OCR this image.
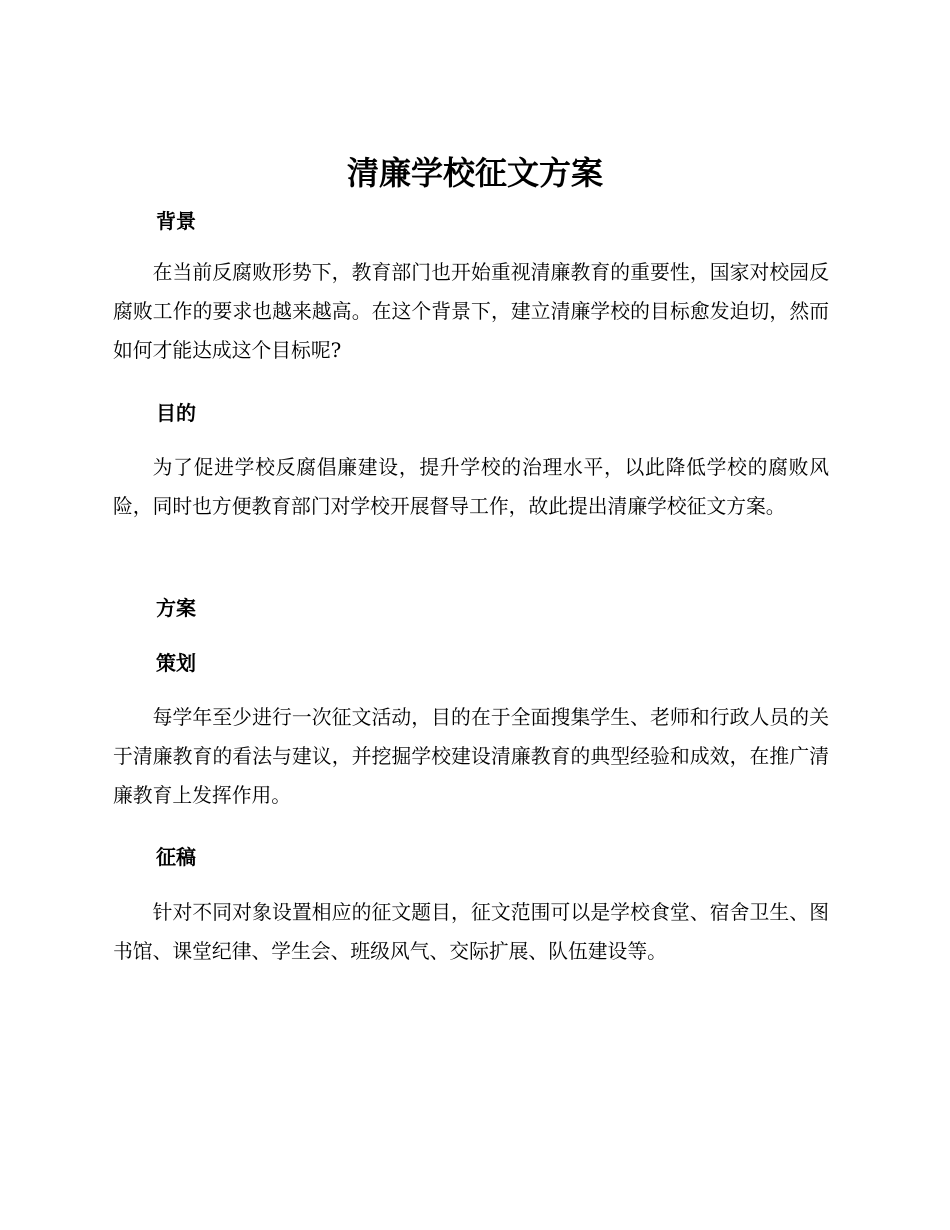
清廉学校征文方案
背景

在当前反腐败形势下，教育部门也开始重视清廉教育的重要性，国家对校园反腐败工作的要求也越来越高。在这个背景下，建立清廉学校的目标愈发迫切，然而如何才能达成这个目标呢?

目的

为了促进学校反腐倡廉建设，提升学校的治理水平，以此降低学校的腐败风险，同时也方便教育部门对学校开展督导工作，故此提出清廉学校征文方案。

方案
策划

每学年至少进行一次征文活动，目的在于全面搜集学生、老师和行政人员的关于清廉教育的看法与建议，并挖掘学校建设清廉教育的典型经验和成效，在推广清廉教育上发挥作用。

征稿

针对不同对象设置相应的征文题目，征文范围可以是学校食堂、宿舍卫生、图书馆、课堂纪律、学生会、班级风气、交际扩展、队伍建设等。
